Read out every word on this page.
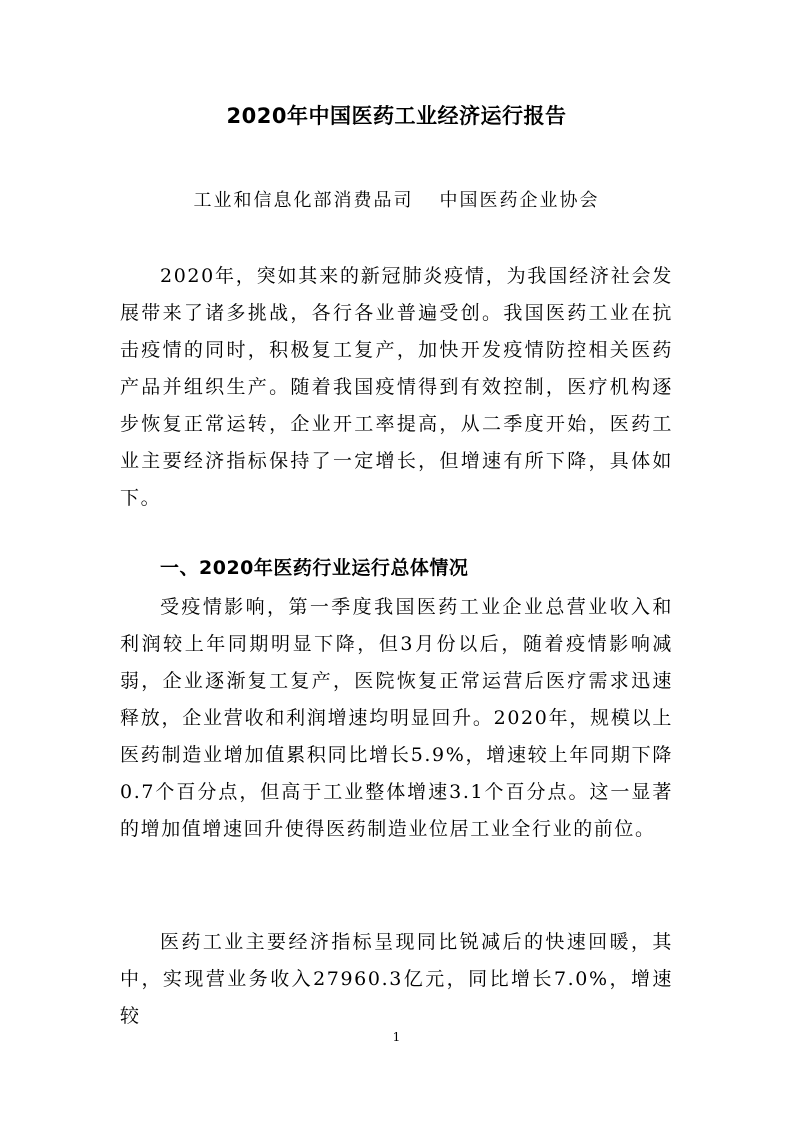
2020年中国医药工业经济运行报告
工业和信息化部消费品司 中国医药企业协会

2020年，突如其来的新冠肺炎疫情，为我国经济社会发展带来了诸多挑战，各行各业普遍受创。我国医药工业在抗击疫情的同时，积极复工复产，加快开发疫情防控相关医药产品并组织生产。随着我国疫情得到有效控制，医疗机构逐步恢复正常运转，企业开工率提高，从二季度开始，医药工业主要经济指标保持了一定增长，但增速有所下降，具体如下。

一、2020年医药行业运行总体情况

受疫情影响，第一季度我国医药工业企业总营业收入和利润较上年同期明显下降，但3月份以后，随着疫情影响减弱，企业逐渐复工复产，医院恢复正常运营后医疗需求迅速释放，企业营收和利润增速均明显回升。2020年，规模以上医药制造业增加值累积同比增长5.9%，增速较上年同期下降0.7个百分点，但高于工业整体增速3.1个百分点。这一显著的增加值增速回升使得医药制造业位居工业全行业的前位。

医药工业主要经济指标呈现同比锐减后的快速回暖，其中，实现营业务收入27960.3亿元，同比增长7.0%，增速较

1
